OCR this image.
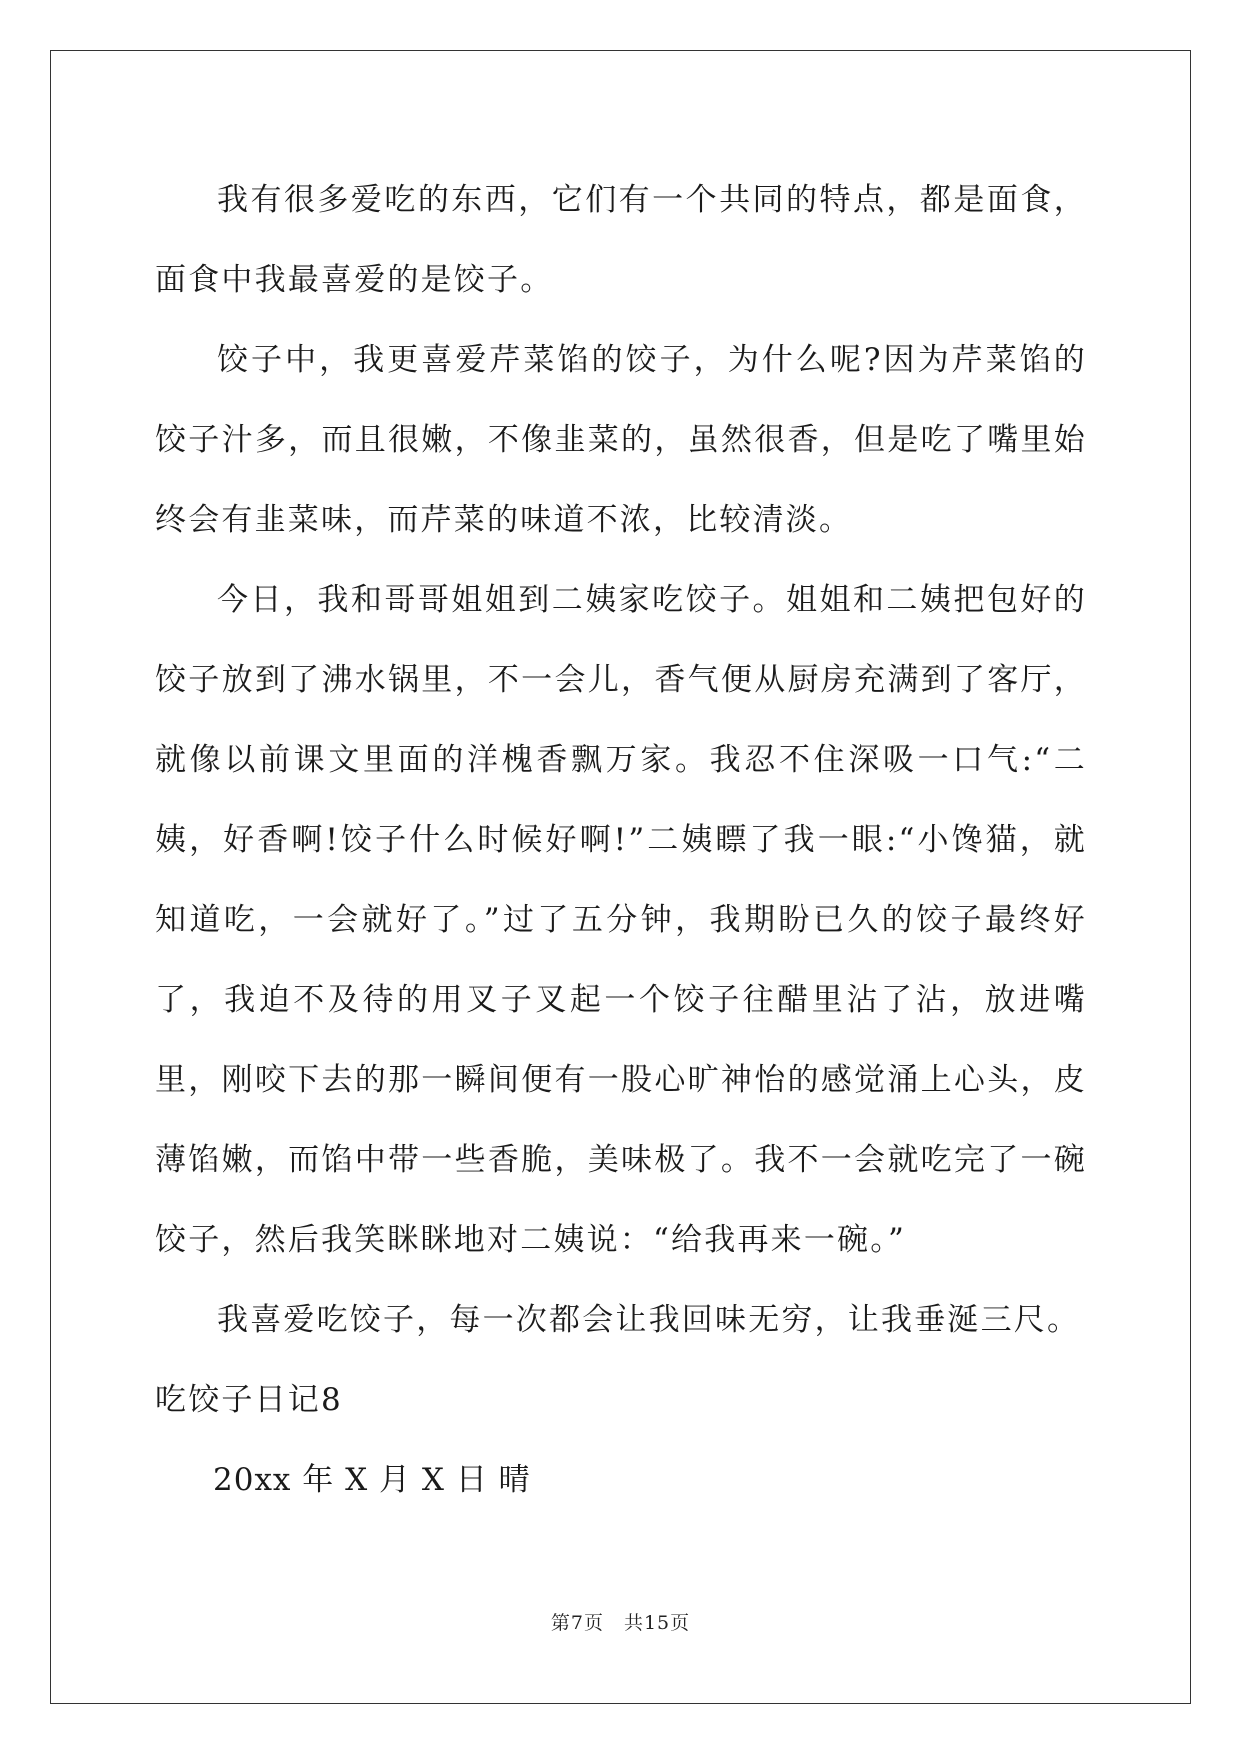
我有很多爱吃的东西，它们有一个共同的特点，都是面食，面食中我最喜爱的是饺子。

饺子中，我更喜爱芹菜馅的饺子，为什么呢?因为芹菜馅的饺子汁多，而且很嫩，不像韭菜的，虽然很香，但是吃了嘴里始终会有韭菜味，而芹菜的味道不浓，比较清淡。

今日，我和哥哥姐姐到二姨家吃饺子。姐姐和二姨把包好的饺子放到了沸水锅里，不一会儿，香气便从厨房充满到了客厅，就像以前课文里面的洋槐香飘万家。我忍不住深吸一口气:“二姨，好香啊!饺子什么时候好啊!”二姨瞟了我一眼:“小馋猫，就知道吃，一会就好了。”过了五分钟，我期盼已久的饺子最终好了，我迫不及待的用叉子叉起一个饺子往醋里沾了沾，放进嘴里，刚咬下去的那一瞬间便有一股心旷神怡的感觉涌上心头，皮薄馅嫩，而馅中带一些香脆，美味极了。我不一会就吃完了一碗饺子，然后我笑眯眯地对二姨说：“给我再来一碗。”

我喜爱吃饺子，每一次都会让我回味无穷，让我垂涎三尺。

吃饺子日记8

20xx 年 X 月 X 日 晴

第7页　共15页
